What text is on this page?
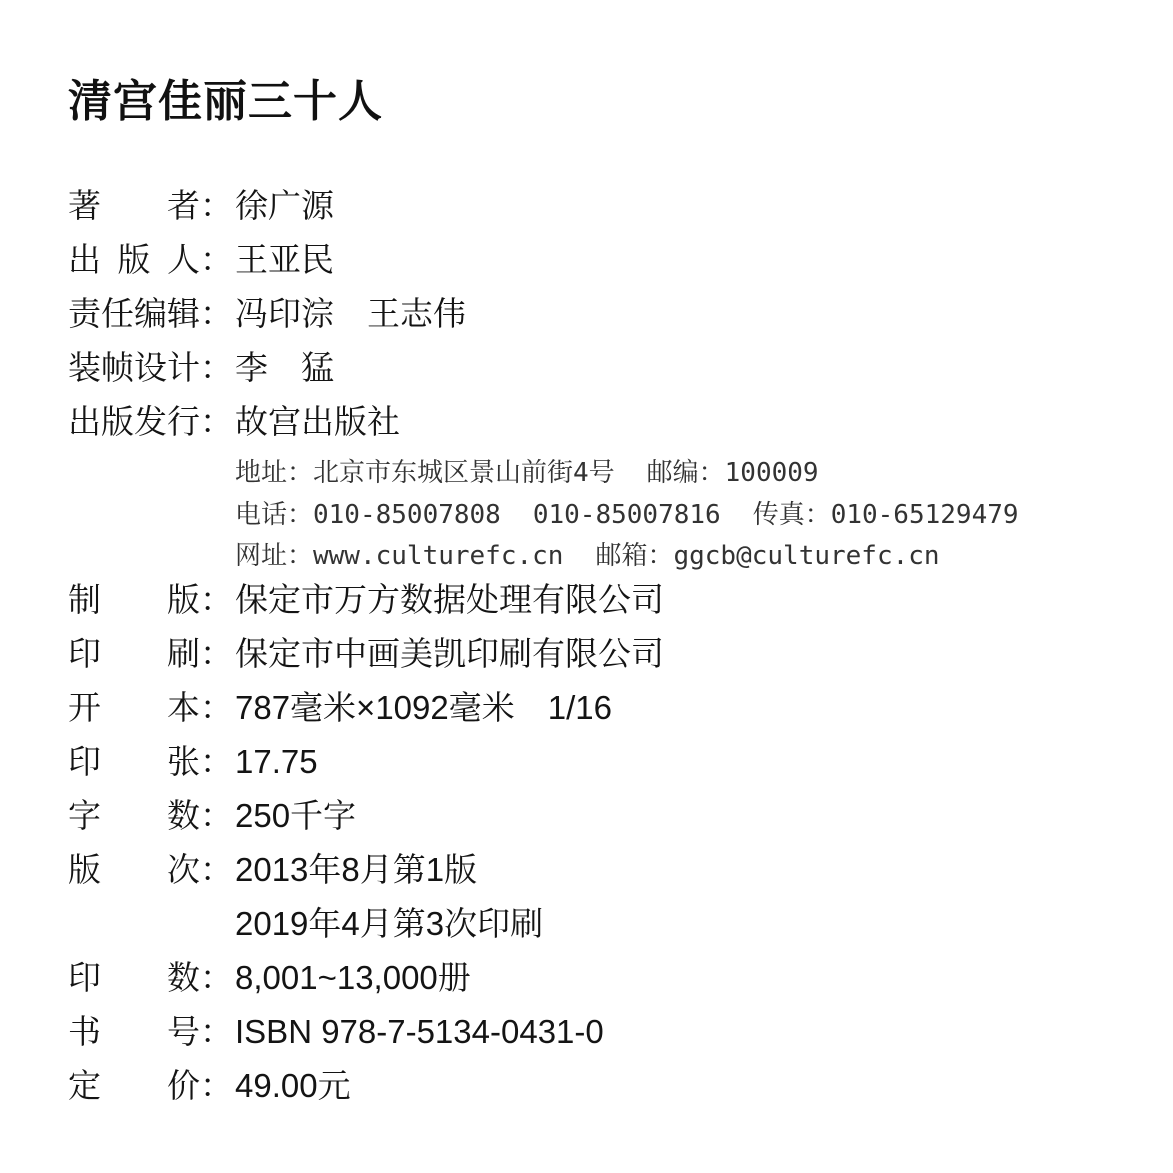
清宫佳丽三十人
著者 ： 徐广源
出版人 ： 王亚民
责任编辑 ： 冯印淙　王志伟
装帧设计 ： 李　猛
出版发行 ： 故宫出版社
地址：北京市东城区景山前街4号 邮编：100009
电话：010-85007808 010-85007816 传真：010-65129479
网址：www.culturefc.cn 邮箱：ggcb@culturefc.cn
制版 ： 保定市万方数据处理有限公司
印刷 ： 保定市中画美凯印刷有限公司
开本 ： 787毫米×1092毫米　1/16
印张 ： 17.75
字数 ： 250千字
版次 ： 2013年8月第1版
2019年4月第3次印刷
印数 ： 8,001~13,000册
书号 ： ISBN 978-7-5134-0431-0
定价 ： 49.00元
